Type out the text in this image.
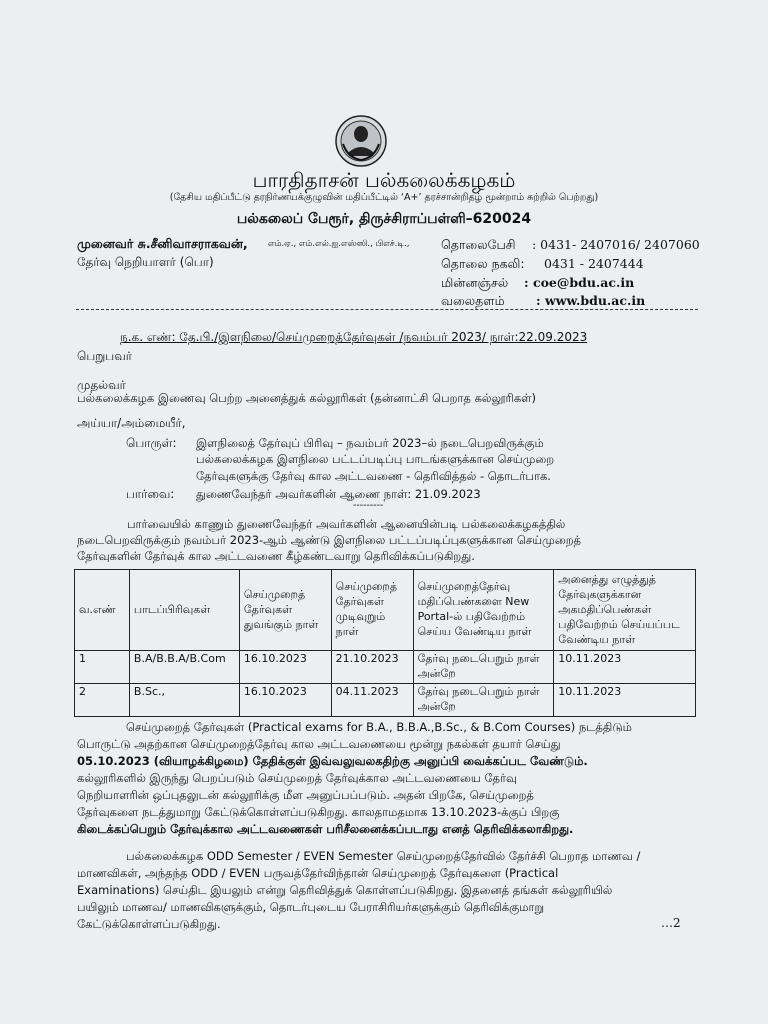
பாரதிதாசன் பல்கலைக்கழகம்
(தேசிய மதிப்பீட்டு தரநிர்ணயக்குழுவின் மதிப்பீட்டில் ‘A+’ தரச்சான்றிதழ் மூன்றாம் சுற்றில் பெற்றது)
பல்கலைப் பேரூர், திருச்சிராப்பள்ளி–620024
முனைவர் சு.சீனிவாசராகவன், எம்.ஏ., எம்.எல்.ஐ.எஸ்ஸி., பிஎச்.டி.,
தேர்வு நெறியாளர் (பொ)
தொலைபேசி : 0431- 2407016/ 2407060
தொலை நகலி: 0431 - 2407444
மின்னஞ்சல் : coe@bdu.ac.in
வலைதளம்	: www.bdu.ac.in
ந.க. எண்: தே.பி./இளநிலை/செய்முறைத்தேர்வுகள் /நவம்பர் 2023/ நாள்:22.09.2023
பெறுபவர்
முதல்வர்
பல்கலைக்கழக இணைவு பெற்ற அனைத்துக் கல்லூரிகள் (தன்னாட்சி பெறாத கல்லூரிகள்)
அய்யா/அம்மையீர்,
பொருள்: இளநிலைத் தேர்வுப் பிரிவு – நவம்பர் 2023–ல் நடைபெறவிருக்கும்
பல்கலைக்கழக இளநிலை பட்டப்படிப்பு பாடங்களுக்கான செய்முறை
தேர்வுகளுக்கு தேர்வு கால அட்டவணை - தெரிவித்தல் - தொடர்பாக.
பார்வை: துணைவேந்தர் அவர்களின் ஆணை நாள்: 21.09.2023
---------
பார்வையில் காணும் துணைவேந்தர் அவர்களின் ஆனையின்படி பல்கலைக்கழகத்தில்
நடைபெறவிருக்கும் நவம்பர் 2023-ஆம் ஆண்டு இளநிலை பட்டப்படிப்புகளுக்கான செய்முறைத்
தேர்வுகளின் தேர்வுக் கால அட்டவணை கீழ்கண்டவாறு தெரிவிக்கப்படுகிறது.
வ.எண்	பாடப்பிரிவுகள்	செய்முறைத் தேர்வுகள் துவங்கும் நாள்	செய்முறைத் தேர்வுகள் முடிவுறும் நாள்	செய்முறைத்தேர்வு மதிப்பெண்களை New Portal-ல் பதிவேற்றம் செய்ய வேண்டிய நாள்	அனைத்து எழுத்துத் தேர்வுகளுக்கான அகமதிப்பெண்கள் பதிவேற்றம் செய்யப்பட வேண்டிய நாள்
1	B.A/B.B.A/B.Com	16.10.2023	21.10.2023	தேர்வு நடைபெறும் நாள் அன்றே	10.11.2023
2	B.Sc.,	16.10.2023	04.11.2023	தேர்வு நடைபெறும் நாள் அன்றே	10.11.2023
செய்முறைத் தேர்வுகள் (Practical exams for B.A., B.B.A.,B.Sc., & B.Com Courses) நடத்திடும்
பொருட்டு அதற்கான செய்முறைத்தேர்வு கால அட்டவணையை மூன்று நகல்கள் தயார் செய்து
05.10.2023 (வியாழக்கிழமை) தேதிக்குள் இவ்வலுவலகதிற்கு அனுப்பி வைக்கப்பட வேண்டும்.
கல்லூரிகளில் இருந்து பெறப்படும் செய்முறைத் தேர்வுக்கால அட்டவணையை தேர்வு
நெறியாளரின் ஒப்புதலுடன் கல்லூரிக்கு மீள அனுப்பப்படும். அதன் பிறகே, செய்முறைத்
தேர்வுகளை நடத்துமாறு கேட்டுக்கொள்ளப்படுகிறது. காலதாமதமாக 13.10.2023-க்குப் பிறகு
கிடைக்கப்பெறும் தேர்வுக்கால அட்டவணைகள் பரிசீலனைக்கப்படாது எனத் தெரிவிக்கலாகிறது.
பல்கலைக்கழக ODD Semester / EVEN Semester செய்முறைத்தேர்வில் தேர்ச்சி பெறாத மாணவ /
மாணவிகள், அந்தந்த ODD / EVEN பருவத்தேர்விந்தான் செய்முறைத் தேர்வுகளை (Practical
Examinations) செய்திட இயலும் என்று தெரிவித்துக் கொள்ளப்படுகிறது. இதனைத் தங்கள் கல்லூரியில்
பயிலும் மாணவ/ மாணவிகளுக்கும், தொடர்புடைய பேராசிரியர்களுக்கும் தெரிவிக்குமாறு
கேட்டுக்கொள்ளப்படுகிறது.	…2
